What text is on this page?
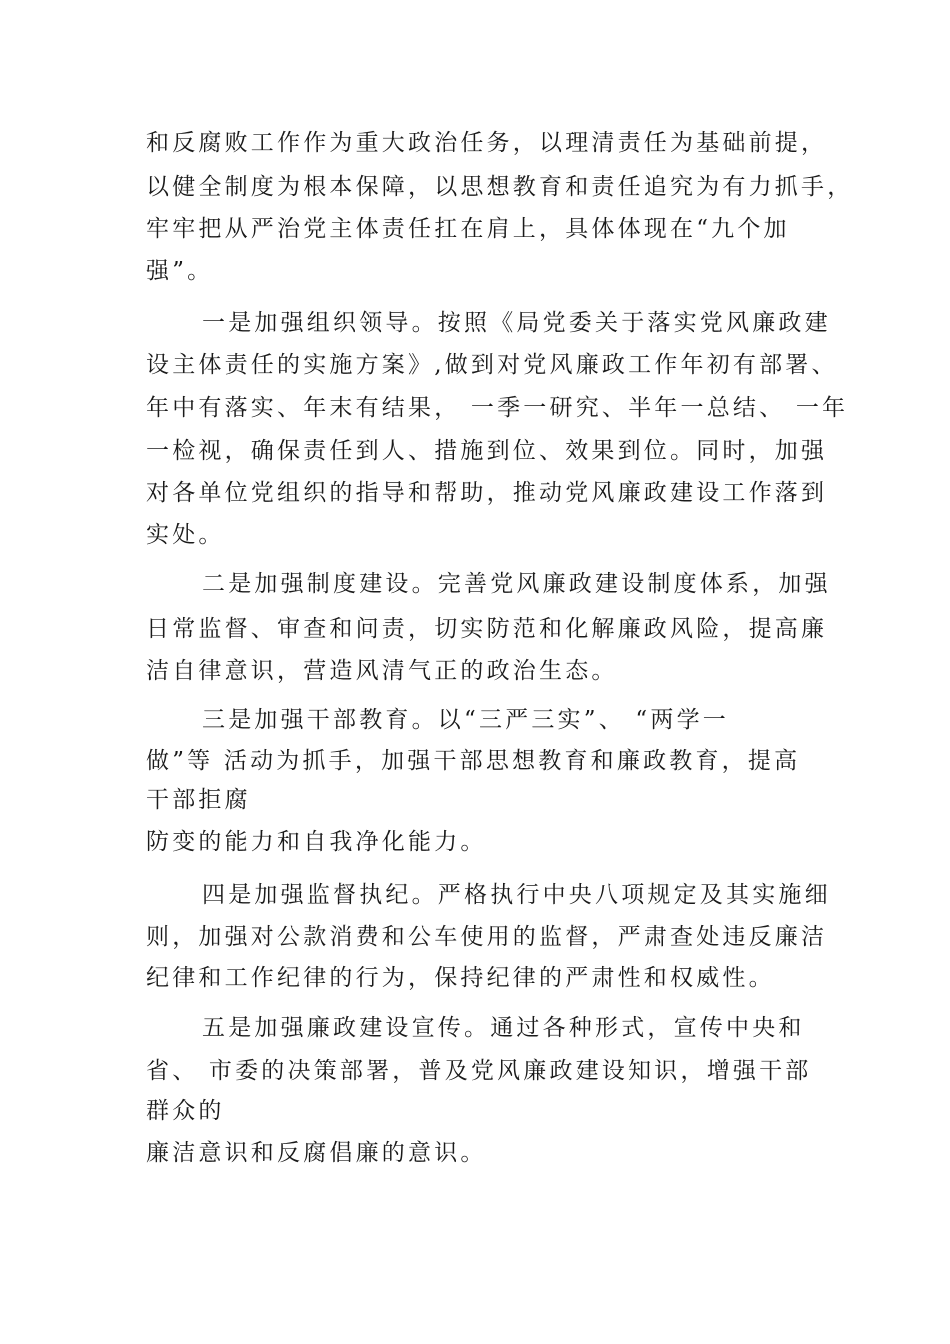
和反腐败工作作为重大政治任务，以理清责任为基础前提，
以健全制度为根本保障，以思想教育和责任追究为有力抓手，
牢牢把从严治党主体责任扛在肩上，具体体现在“九个加
强”。
一是加强组织领导。按照《局党委关于落实党风廉政建
设主体责任的实施方案》,做到对党风廉政工作年初有部署、
年中有落实、年末有结果， 一季一研究、半年一总结、 一年
一检视，确保责任到人、措施到位、效果到位。同时，加强
对各单位党组织的指导和帮助，推动党风廉政建设工作落到
实处。
二是加强制度建设。完善党风廉政建设制度体系，加强
日常监督、审查和问责，切实防范和化解廉政风险，提高廉
洁自律意识，营造风清气正的政治生态。
三是加强干部教育。以“三严三实”、 “两学一
做”等 活动为抓手，加强干部思想教育和廉政教育，提高
干部拒腐
防变的能力和自我净化能力。
四是加强监督执纪。严格执行中央八项规定及其实施细
则，加强对公款消费和公车使用的监督，严肃查处违反廉洁
纪律和工作纪律的行为，保持纪律的严肃性和权威性。
五是加强廉政建设宣传。通过各种形式，宣传中央和
省、 市委的决策部署，普及党风廉政建设知识，增强干部
群众的
廉洁意识和反腐倡廉的意识。
